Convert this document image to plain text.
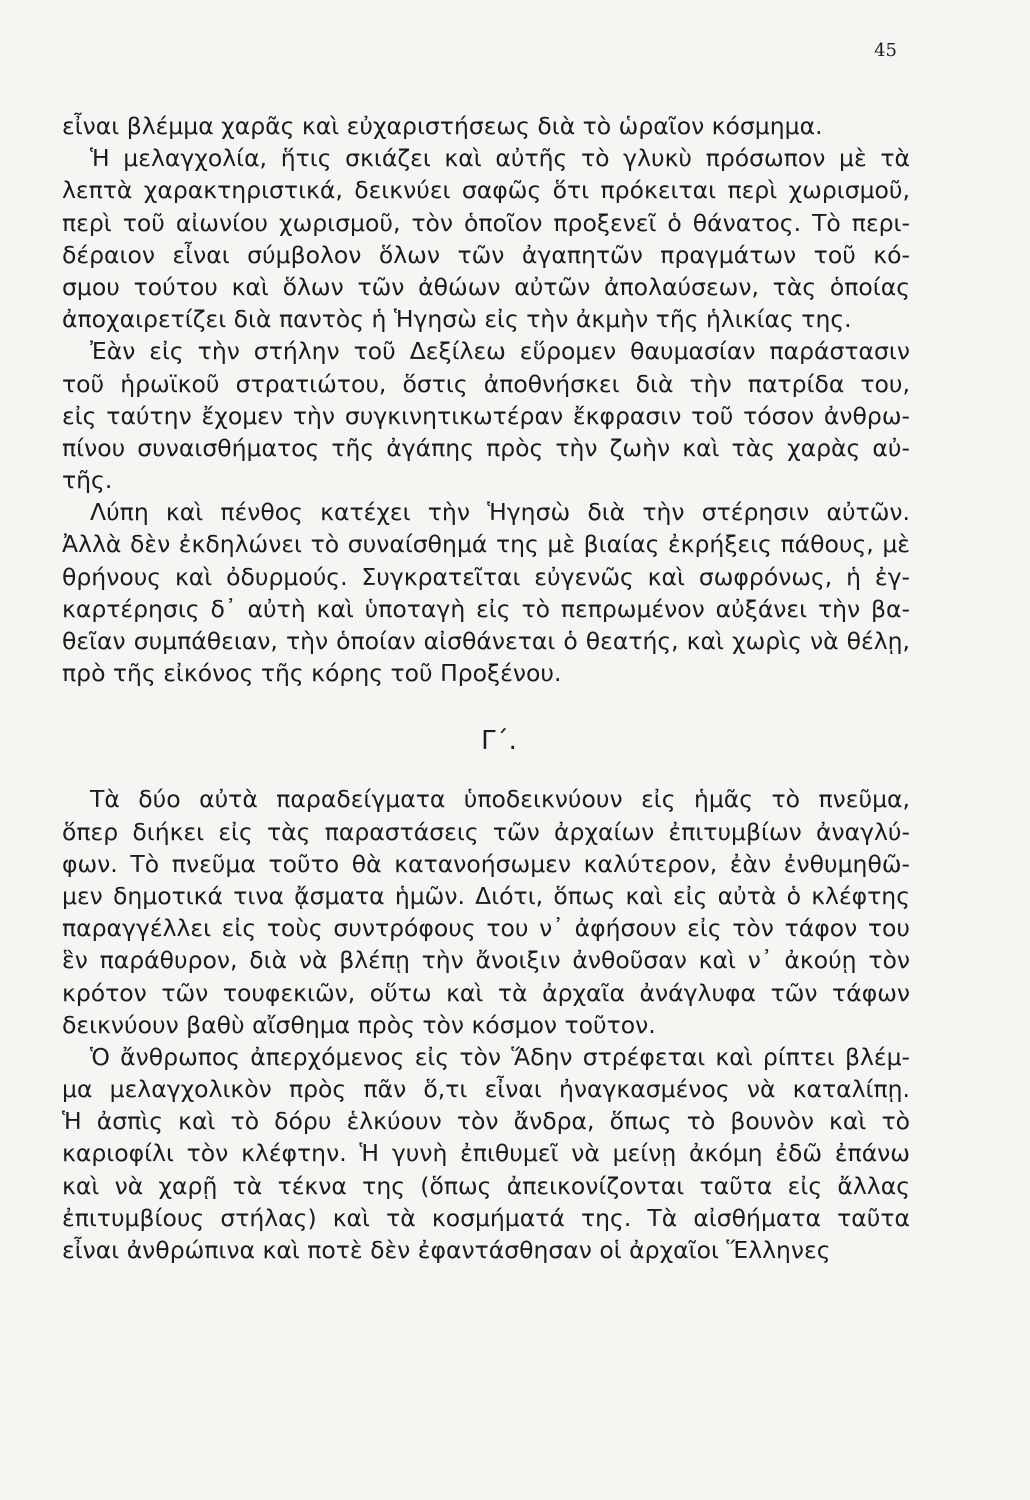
45
εἶναι βλέμμα χαρᾶς καὶ εὐχαριστήσεως διὰ τὸ ὡραῖον κόσμημα.
Ἡ μελαγχολία, ἥτις σκιάζει καὶ αὐτῆς τὸ γλυκὺ πρόσωπον μὲ τὰ
λεπτὰ χαρακτηριστικά, δεικνύει σαφῶς ὅτι πρόκειται περὶ χωρισμοῦ,
περὶ τοῦ αἰωνίου χωρισμοῦ, τὸν ὁποῖον προξενεῖ ὁ θάνατος. Τὸ περι-
δέραιον εἶναι σύμβολον ὅλων τῶν ἀγαπητῶν πραγμάτων τοῦ κό-
σμου τούτου καὶ ὅλων τῶν ἀθώων αὐτῶν ἀπολαύσεων, τὰς ὁποίας
ἀποχαιρετίζει διὰ παντὸς ἡ Ἡγησὼ εἰς τὴν ἀκμὴν τῆς ἡλικίας της.
Ἐὰν εἰς τὴν στήλην τοῦ Δεξίλεω εὕρομεν θαυμασίαν παράστασιν
τοῦ ἡρωϊκοῦ στρατιώτου, ὅστις ἀποθνήσκει διὰ τὴν πατρίδα του,
εἰς ταύτην ἔχομεν τὴν συγκινητικωτέραν ἔκφρασιν τοῦ τόσον ἀνθρω-
πίνου συναισθήματος τῆς ἀγάπης πρὸς τὴν ζωὴν καὶ τὰς χαρὰς αὐ-
τῆς.
Λύπη καὶ πένθος κατέχει τὴν Ἡγησὼ διὰ τὴν στέρησιν αὐτῶν.
Ἀλλὰ δὲν ἐκδηλώνει τὸ συναίσθημά της μὲ βιαίας ἐκρήξεις πάθους, μὲ
θρήνους καὶ ὀδυρμούς. Συγκρατεῖται εὐγενῶς καὶ σωφρόνως, ἡ ἐγ-
καρτέρησις δ᾽ αὐτὴ καὶ ὑποταγὴ εἰς τὸ πεπρωμένον αὐξάνει τὴν βα-
θεῖαν συμπάθειαν, τὴν ὁποίαν αἰσθάνεται ὁ θεατής, καὶ χωρὶς νὰ θέλῃ,
πρὸ τῆς εἰκόνος τῆς κόρης τοῦ Προξένου.
Γ΄.
Τὰ δύο αὐτὰ παραδείγματα ὑποδεικνύουν εἰς ἡμᾶς τὸ πνεῦμα,
ὅπερ διήκει εἰς τὰς παραστάσεις τῶν ἀρχαίων ἐπιτυμβίων ἀναγλύ-
φων. Τὸ πνεῦμα τοῦτο θὰ κατανοήσωμεν καλύτερον, ἐὰν ἐνθυμηθῶ-
μεν δημοτικά τινα ᾄσματα ἡμῶν. Διότι, ὅπως καὶ εἰς αὐτὰ ὁ κλέφτης
παραγγέλλει εἰς τοὺς συντρόφους του ν᾽ ἀφήσουν εἰς τὸν τάφον του
ἓν παράθυρον, διὰ νὰ βλέπῃ τὴν ἄνοιξιν ἀνθοῦσαν καὶ ν᾽ ἀκούῃ τὸν
κρότον τῶν τουφεκιῶν, οὕτω καὶ τὰ ἀρχαῖα ἀνάγλυφα τῶν τάφων
δεικνύουν βαθὺ αἴσθημα πρὸς τὸν κόσμον τοῦτον.
Ὁ ἄνθρωπος ἀπερχόμενος εἰς τὸν Ἅδην στρέφεται καὶ ρίπτει βλέμ-
μα μελαγχολικὸν πρὸς πᾶν ὅ,τι εἶναι ἠναγκασμένος νὰ καταλίπῃ.
Ἡ ἀσπὶς καὶ τὸ δόρυ ἑλκύουν τὸν ἄνδρα, ὅπως τὸ βουνὸν καὶ τὸ
καριοφίλι τὸν κλέφτην. Ἡ γυνὴ ἐπιθυμεῖ νὰ μείνῃ ἀκόμη ἐδῶ ἐπάνω
καὶ νὰ χαρῇ τὰ τέκνα της (ὅπως ἀπεικονίζονται ταῦτα εἰς ἄλλας
ἐπιτυμβίους στήλας) καὶ τὰ κοσμήματά της. Τὰ αἰσθήματα ταῦτα
εἶναι ἀνθρώπινα καὶ ποτὲ δὲν ἐφαντάσθησαν οἱ ἀρχαῖοι Ἕλληνες
